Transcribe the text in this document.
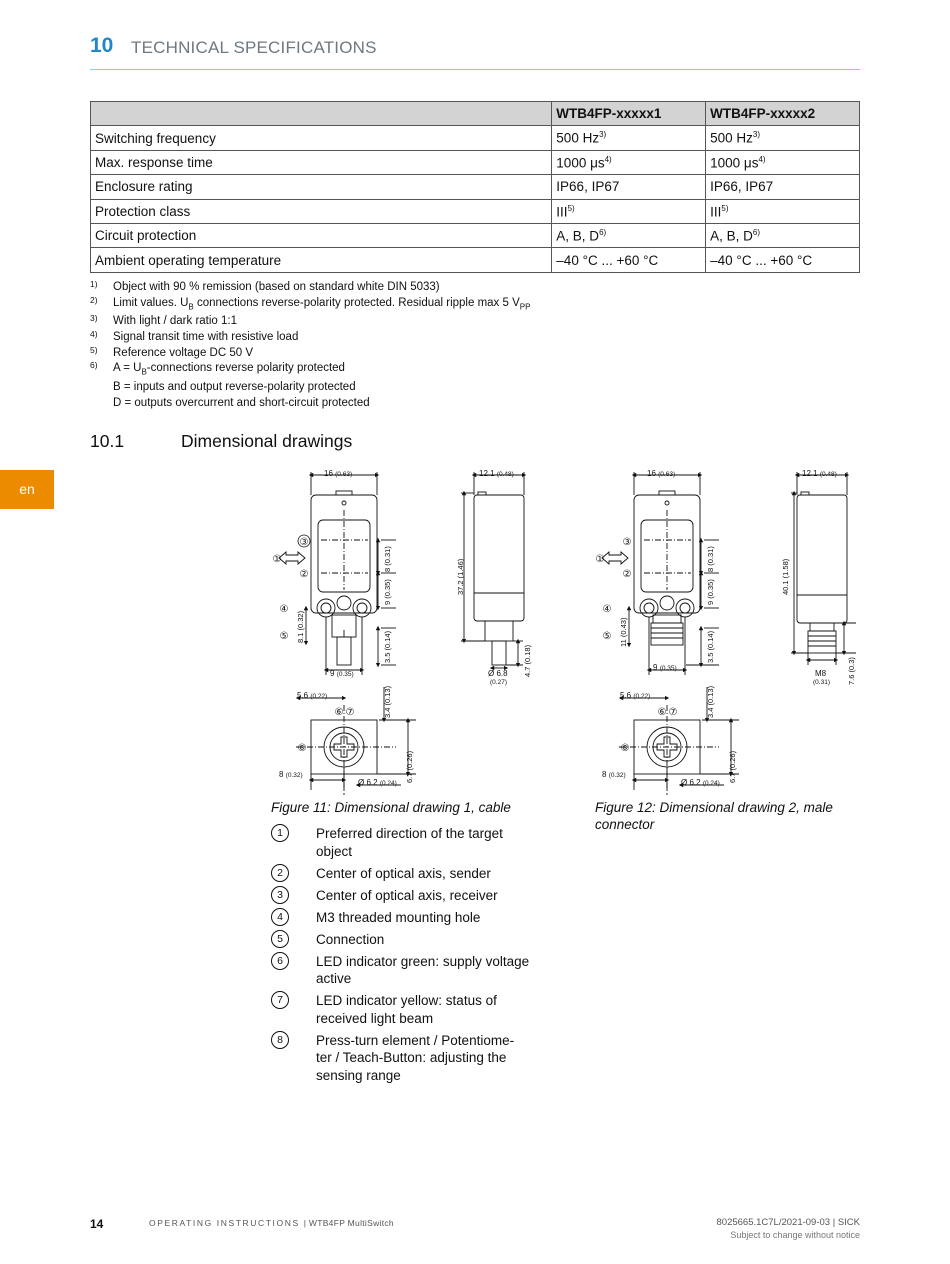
10 TECHNICAL SPECIFICATIONS
	WTB4FP-xxxxx1	WTB4FP-xxxxx2
Switching frequency	500 Hz$^{3)}$	500 Hz$^{3)}$
Max. response time	1000 $\mu s^{4)}$	1000 $\mu s^{4)}$
Enclosure rating	IP66, IP67	IP66, IP67
Protection class	III$^{5)}$	III$^{5)}$
Circuit protection	A, B, $D^{6)}$	A, B, $D^{6)}$
Ambient operating temperature	–40 °C ... +60 °C	–40 °C ... +60 °C
1) Object with 90 % remission (based on standard white DIN 5033)
2) Limit values. $U_B$ connections reverse-polarity protected. Residual ripple max 5 $V_{PP}$
3) With light / dark ratio 1:1
4) Signal transit time with resistive load
5) Reference voltage DC 50 V
6) $A = U_B$-connections reverse polarity protected
B = inputs and output reverse-polarity protected
D = outputs overcurrent and short-circuit protected
10.1	Dimensional drawings
en
③
①
②
④
⑤
⑥ ⑦
⑧
③
①
②
④
⑤
⑥ ⑦
⑧
16 (0.63)	12.1 (0.48)	16 (0.63)	12.1 (0.48)
8 (0.31)
9 (0.35)
8.1 (0.32)
3.5 (0.14)
9 (0.35)
37.2 (1.46)
4.7 (0.18)
Ø 6.8
(0.27)
8 (0.31)
9 (0.35)
11 (0.43)	3.5 (0.14)
9 (0.35)
40.1 (1.58)
M8
(0.31) 7.6 (0.3)
5.6 (0.22)	3.4 (0.13)
6.7 (0.26)
8 (0.32)
Ø 6.2 (0.24)
5.6 (0.22)	3.4 (0.13)
6.7 (0.26)
8 (0.32)
Ø 6.2 (0.24)
Figure 11: Dimensional drawing 1, cable	Figure 12: Dimensional drawing 2, male
connector
1	Preferred direction of the target
object
2	Center of optical axis, sender
3	Center of optical axis, receiver
4	M3 threaded mounting hole
5	Connection
6	LED indicator green: supply voltage
active
7	LED indicator yellow: status of
received light beam
8	Press-turn element / Potentiome-
ter / Teach-Button: adjusting the
sensing range
14	OPERATING INSTRUCTIONS | WTB4FP MultiSwitch	8025665.1C7L/2021-09-03 | SICK
Subject to change without notice
